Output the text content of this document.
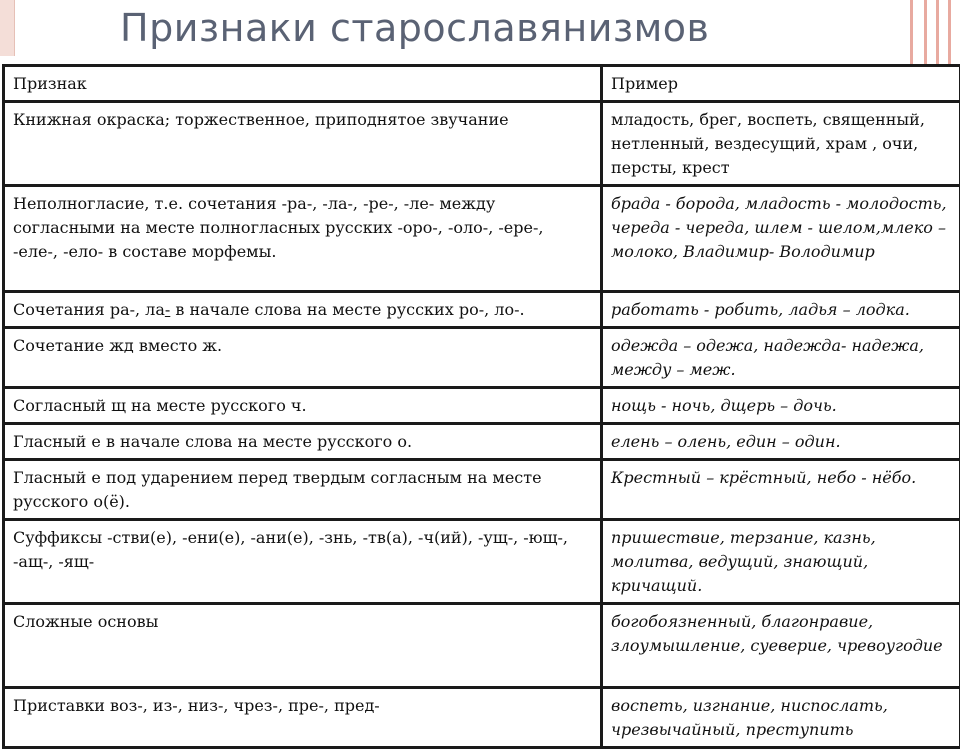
Признаки старославянизмов
Признак	Пример
Книжная окраска; торжественное, приподнятое звучание	младость, брег, воспеть, священный, нетленный, вездесущий, храм , очи, персты, крест
Неполногласие, т.е. сочетания -ра-, -ла-, -ре-, -ле- между согласными на месте полногласных русских -оро-, -оло-, -ере-, -еле-, -ело- в составе морфемы.	брада - борода, младость - молодость, череда - череда, шлем - шелом,млеко – молоко, Владимир- Володимир
Сочетания ра-, ла- в начале слова на месте русских ро-, ло-.	работать - робить, ладья – лодка.
Сочетание жд вместо ж.	одежда – одежа, надежда- надежа, между – меж.
Согласный щ на месте русского ч.	нощь - ночь, дщерь – дочь.
Гласный е в начале слова на месте русского о.	елень – олень, един – один.
Гласный е под ударением перед твердым согласным на месте русского о(ё).	Крестный – крёстный, небо - нёбо.
Суффиксы -стви(е), -ени(е), -ани(е), -знь, -тв(а), -ч(ий), -ущ-, -ющ-, -ащ-, -ящ-	пришествие, терзание, казнь, молитва, ведущий, знающий, кричащий.
Сложные основы	богобоязненный, благонравие, злоумышление, суеверие, чревоугодие
Приставки воз-, из-, низ-, чрез-, пре-, пред-	воспеть, изгнание, ниспослать, чрезвычайный, преступить
